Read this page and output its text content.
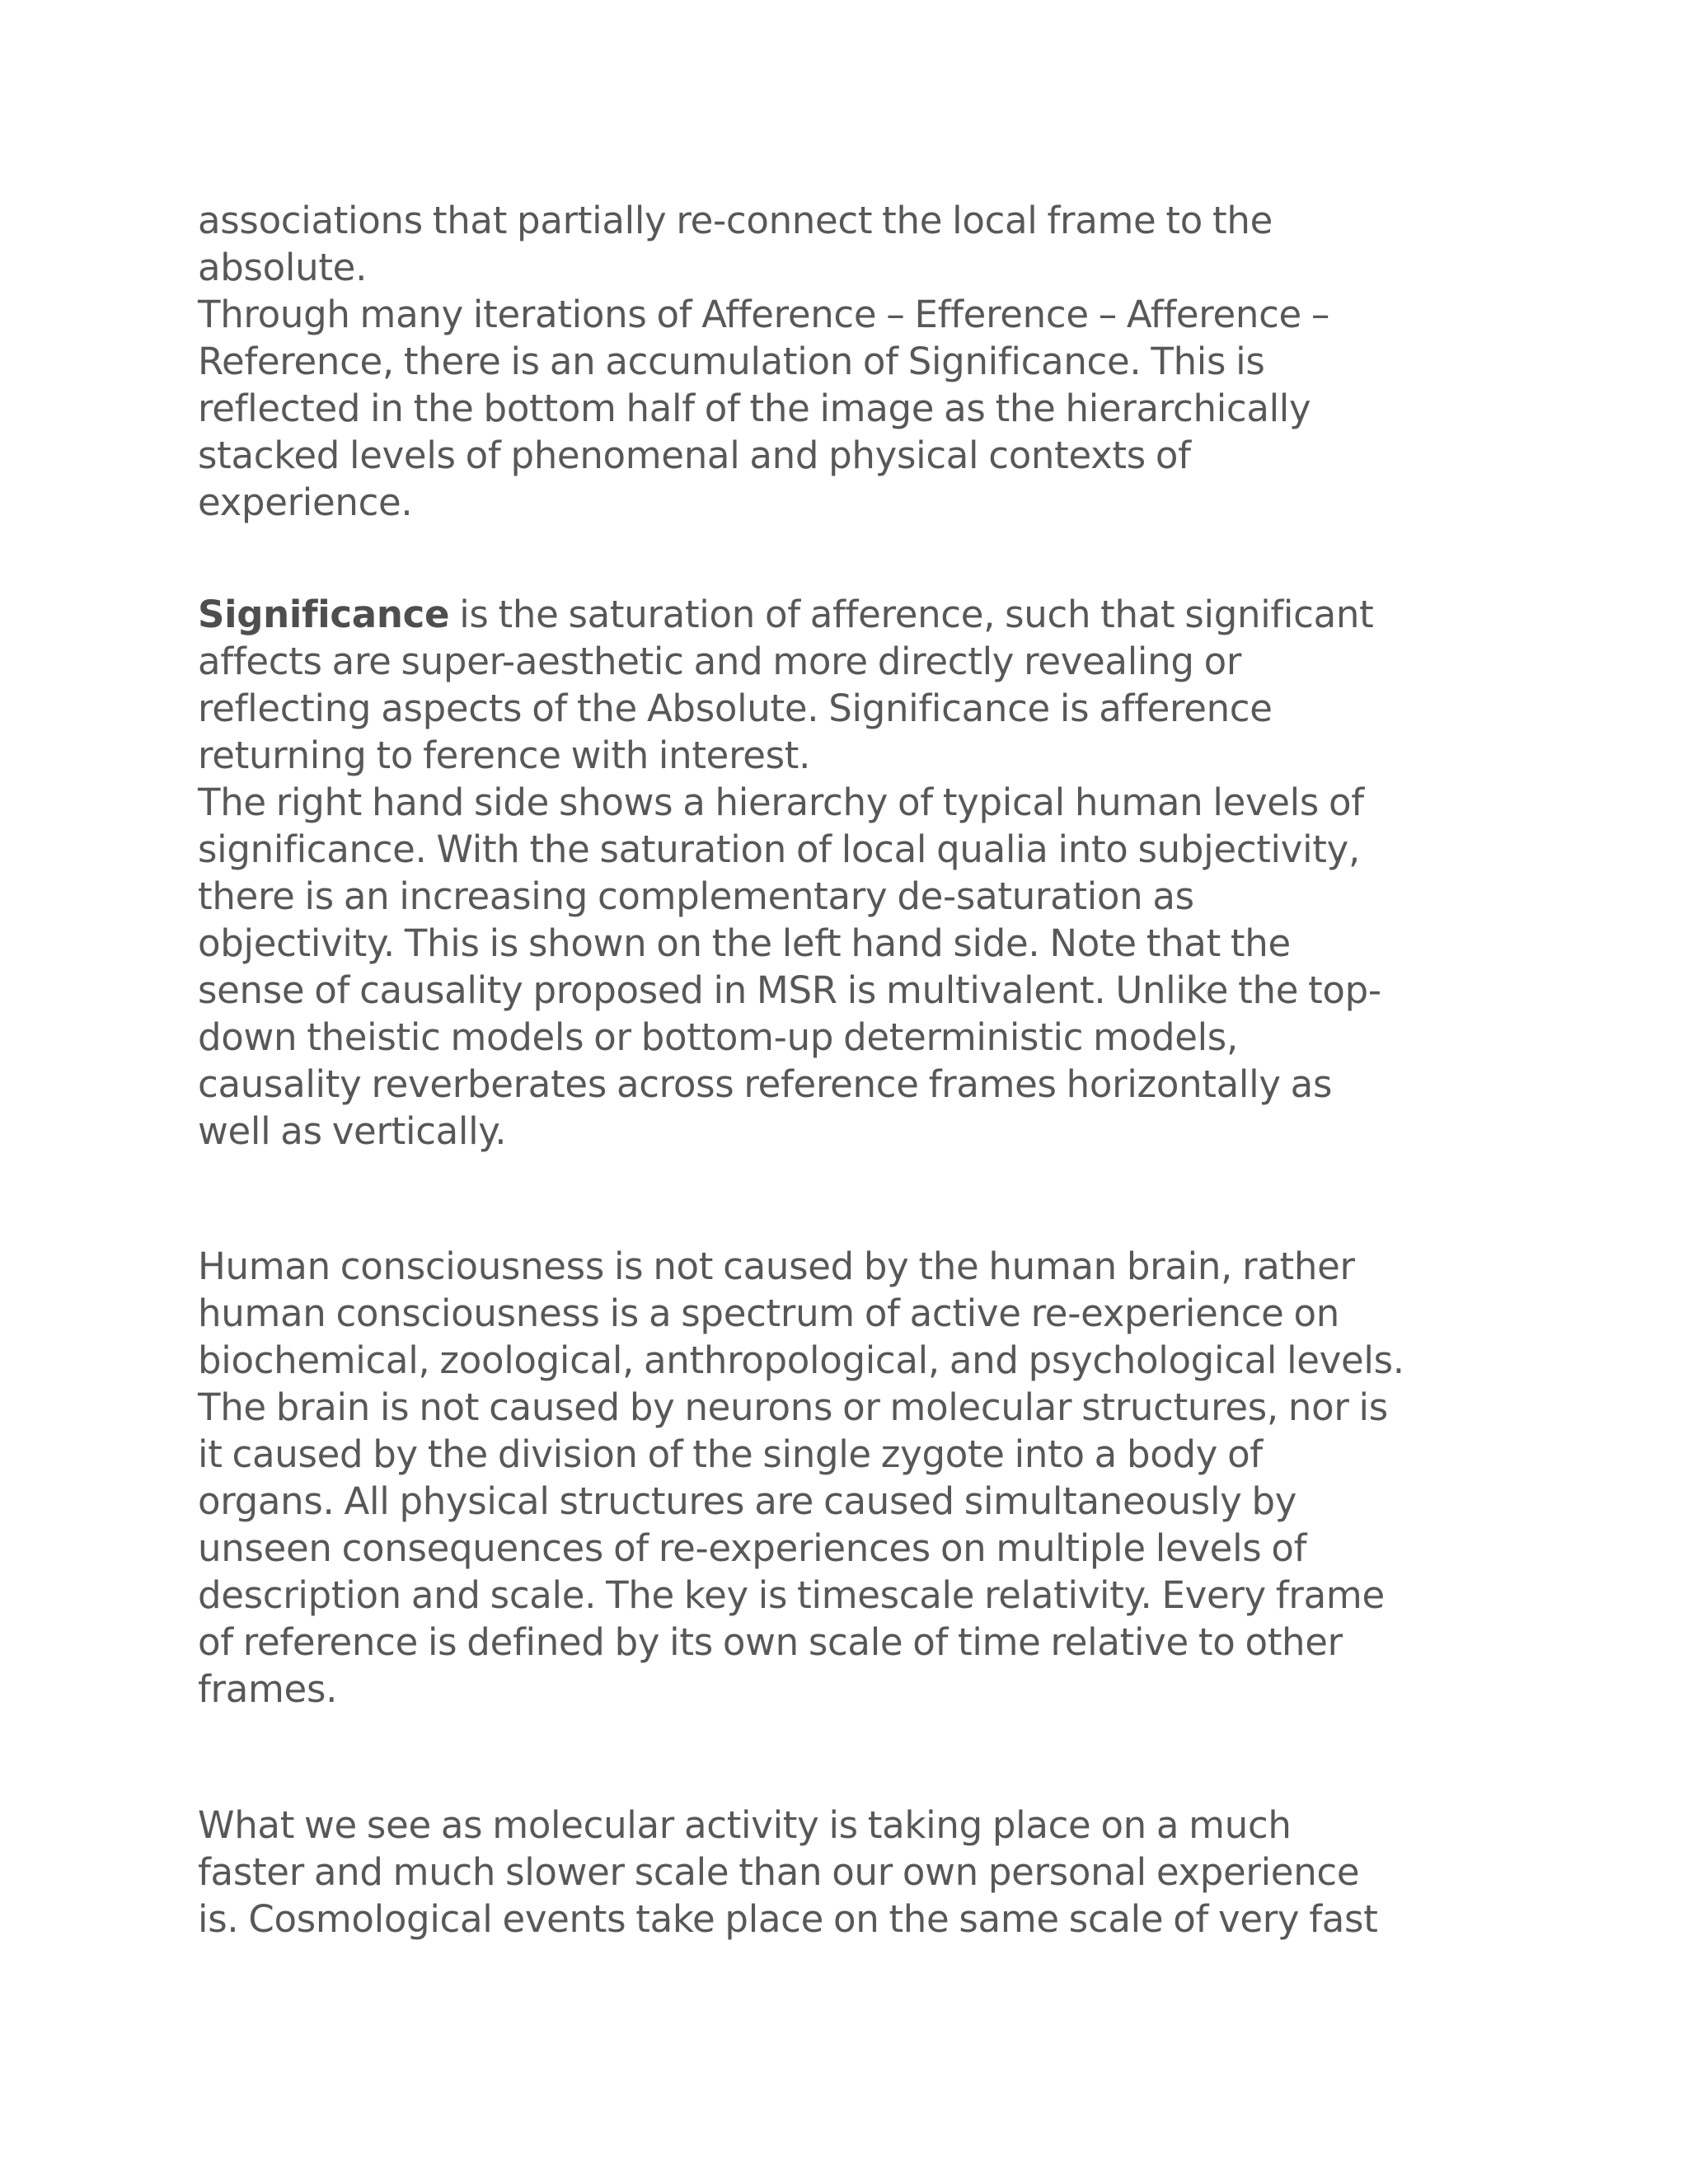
associations that partially re-connect the local frame to the
absolute.
Through many iterations of Afference – Efference – Afference –
Reference, there is an accumulation of Significance. This is
reflected in the bottom half of the image as the hierarchically
stacked levels of phenomenal and physical contexts of
experience.
Significance is the saturation of afference, such that significant
affects are super-aesthetic and more directly revealing or
reflecting aspects of the Absolute. Significance is afference
returning to ference with interest.
The right hand side shows a hierarchy of typical human levels of
significance. With the saturation of local qualia into subjectivity,
there is an increasing complementary de-saturation as
objectivity. This is shown on the left hand side. Note that the
sense of causality proposed in MSR is multivalent. Unlike the top-
down theistic models or bottom-up deterministic models,
causality reverberates across reference frames horizontally as
well as vertically.
Human consciousness is not caused by the human brain, rather
human consciousness is a spectrum of active re-experience on
biochemical, zoological, anthropological, and psychological levels.
The brain is not caused by neurons or molecular structures, nor is
it caused by the division of the single zygote into a body of
organs. All physical structures are caused simultaneously by
unseen consequences of re-experiences on multiple levels of
description and scale. The key is timescale relativity. Every frame
of reference is defined by its own scale of time relative to other
frames.
What we see as molecular activity is taking place on a much
faster and much slower scale than our own personal experience
is. Cosmological events take place on the same scale of very fast
